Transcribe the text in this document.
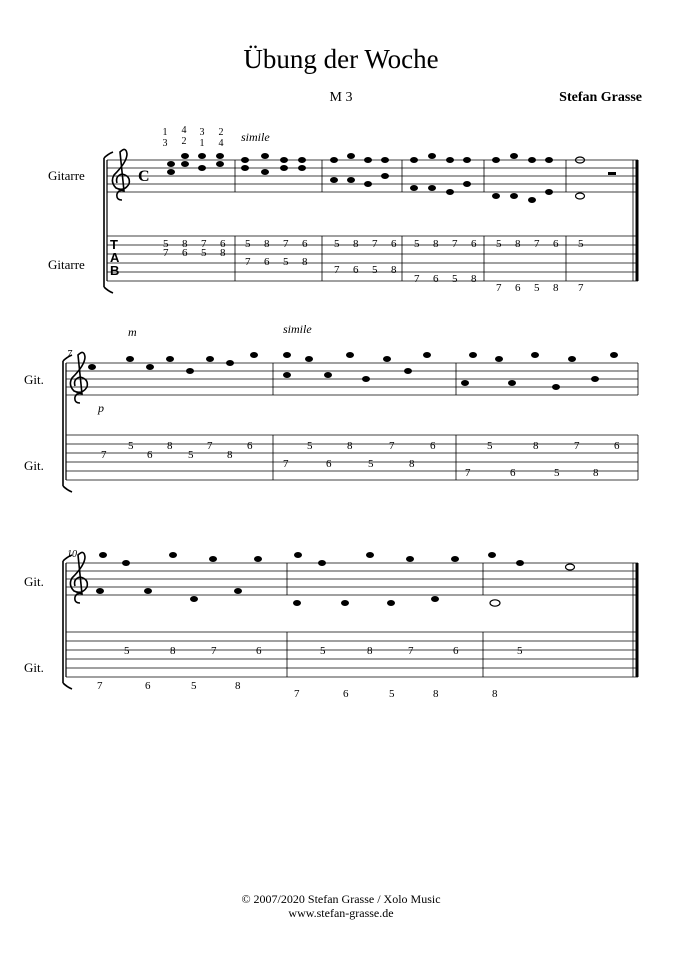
Übung der Woche
M 3	Stefan Grasse
C
Gitarre
Gitarre
Git.
Git.
Git.
Git.
T
A
B
simile
simile
7
10
m
p
1
3
4
2
3
1
2
4
5 8 7 6
7 6 5 8
5 8 7 6
7 6 5 8
5 8 7 6
7 6 5 8
5 8 7 6
7 6 5 8
5 8 7 6
7 6 5 8
5
7
7
5
6
8
5
7
8
6
7
5
6
8
5
7
8
6
7
5
6
8
5
7
8
6
7
5
6
8
5
7
8
6
7
5
6
8
5
7
8
6
8
5
© 2007/2020 Stefan Grasse / Xolo Music
www.stefan-grasse.de
